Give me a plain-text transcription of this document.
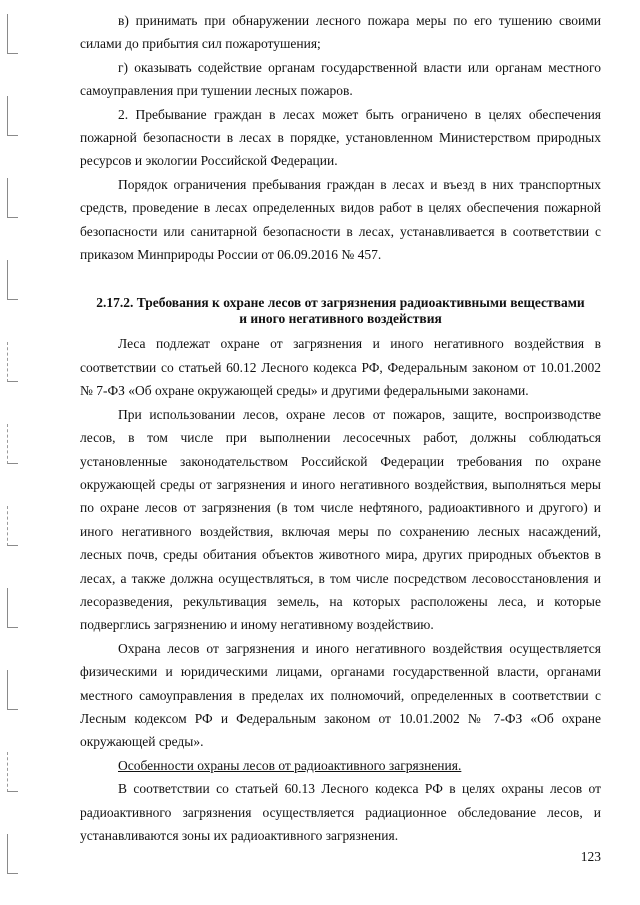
в) принимать при обнаружении лесного пожара меры по его тушению своими силами до прибытия сил пожаротушения;

г) оказывать содействие органам государственной власти или органам местного самоуправления при тушении лесных пожаров.

2. Пребывание граждан в лесах может быть ограничено в целях обеспечения пожарной безопасности в лесах в порядке, установленном Министерством природных ресурсов и экологии Российской Федерации.

Порядок ограничения пребывания граждан в лесах и въезд в них транспортных средств, проведение в лесах определенных видов работ в целях обеспечения пожарной безопасности или санитарной безопасности в лесах, устанавливается в соответствии с приказом Минприроды России от 06.09.2016 № 457.

2.17.2. Требования к охране лесов от загрязнения радиоактивными веществами
и иного негативного воздействия

Леса подлежат охране от загрязнения и иного негативного воздействия в соответствии со статьей 60.12 Лесного кодекса РФ, Федеральным законом от 10.01.2002 № 7-ФЗ «Об охране окружающей среды» и другими федеральными законами.

При использовании лесов, охране лесов от пожаров, защите, воспроизводстве лесов, в том числе при выполнении лесосечных работ, должны соблюдаться установленные законодательством Российской Федерации требования по охране окружающей среды от загрязнения и иного негативного воздействия, выполняться меры по охране лесов от загрязнения (в том числе нефтяного, радиоактивного и другого) и иного негативного воздействия, включая меры по сохранению лесных насаждений, лесных почв, среды обитания объектов животного мира, других природных объектов в лесах, а также должна осуществляться, в том числе посредством лесовосстановления и лесоразведения, рекультивация земель, на которых расположены леса, и которые подверглись загрязнению и иному негативному воздействию.

Охрана лесов от загрязнения и иного негативного воздействия осуществляется физическими и юридическими лицами, органами государственной власти, органами местного самоуправления в пределах их полномочий, определенных в соответствии с Лесным кодексом РФ и Федеральным законом от 10.01.2002 № 7-ФЗ «Об охране окружающей среды».

Особенности охраны лесов от радиоактивного загрязнения.

В соответствии со статьей 60.13 Лесного кодекса РФ в целях охраны лесов от радиоактивного загрязнения осуществляется радиационное обследование лесов, и устанавливаются зоны их радиоактивного загрязнения.

123
